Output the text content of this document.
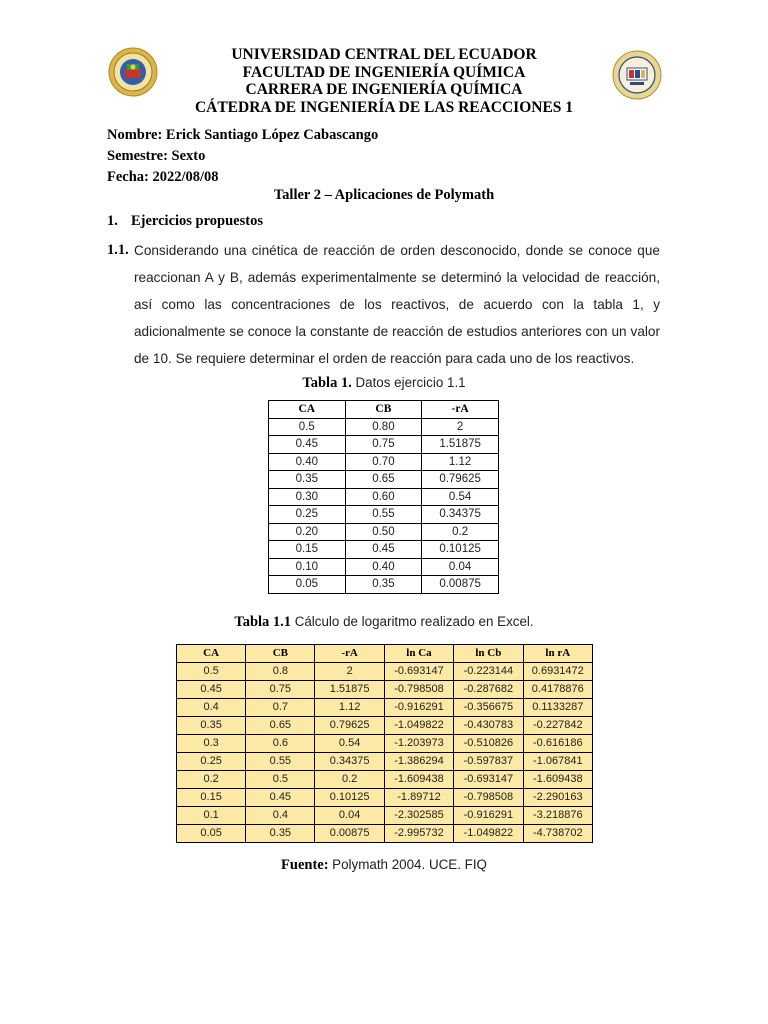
UNIVERSIDAD CENTRAL DEL ECUADOR
FACULTAD DE INGENIERÍA QUÍMICA
CARRERA DE INGENIERÍA QUÍMICA
CÁTEDRA DE INGENIERÍA DE LAS REACCIONES 1
Nombre: Erick Santiago López Cabascango
Semestre: Sexto
Fecha: 2022/08/08
Taller 2 – Aplicaciones de Polymath
1. Ejercicios propuestos
1.1. Considerando una cinética de reacción de orden desconocido, donde se conoce que reaccionan A y B, además experimentalmente se determinó la velocidad de reacción, así como las concentraciones de los reactivos, de acuerdo con la tabla 1, y adicionalmente se conoce la constante de reacción de estudios anteriores con un valor de 10. Se requiere determinar el orden de reacción para cada uno de los reactivos.
Tabla 1. Datos ejercicio 1.1
CA	CB	-rA
0.5	0.80	2
0.45	0.75	1.51875
0.40	0.70	1.12
0.35	0.65	0.79625
0.30	0.60	0.54
0.25	0.55	0.34375
0.20	0.50	0.2
0.15	0.45	0.10125
0.10	0.40	0.04
0.05	0.35	0.00875
Tabla 1.1 Cálculo de logaritmo realizado en Excel.
CA	CB	-rA	ln Ca	ln Cb	ln rA
0.5	0.8	2	-0.693147	-0.223144	0.6931472
0.45	0.75	1.51875	-0.798508	-0.287682	0.4178876
0.4	0.7	1.12	-0.916291	-0.356675	0.1133287
0.35	0.65	0.79625	-1.049822	-0.430783	-0.227842
0.3	0.6	0.54	-1.203973	-0.510826	-0.616186
0.25	0.55	0.34375	-1.386294	-0.597837	-1.067841
0.2	0.5	0.2	-1.609438	-0.693147	-1.609438
0.15	0.45	0.10125	-1.89712	-0.798508	-2.290163
0.1	0.4	0.04	-2.302585	-0.916291	-3.218876
0.05	0.35	0.00875	-2.995732	-1.049822	-4.738702
Fuente: Polymath 2004. UCE. FIQ
